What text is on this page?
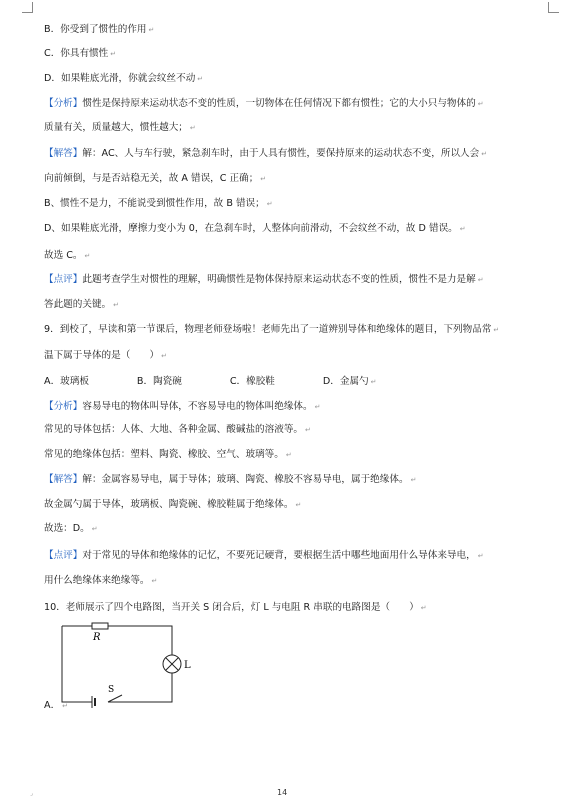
B．你受到了惯性的作用 ↵
C．你具有惯性 ↵
D．如果鞋底光滑，你就会纹丝不动 ↵
【分析】惯性是保持原来运动状态不变的性质，一切物体在任何情况下都有惯性；它的大小只与物体的 ↵
质量有关，质量越大，惯性越大； ↵
【解答】解：AC、人与车行驶，紧急刹车时，由于人具有惯性，要保持原来的运动状态不变，所以人会 ↵
向前倾倒，与是否站稳无关，故 A 错误，C 正确； ↵
B、惯性不是力，不能说受到惯性作用，故 B 错误； ↵
D、如果鞋底光滑，摩擦力变小为 0，在急刹车时，人整体向前滑动，不会纹丝不动，故 D 错误。 ↵
故选 C。 ↵
【点评】此题考查学生对惯性的理解，明确惯性是物体保持原来运动状态不变的性质，惯性不是力是解 ↵
答此题的关键。 ↵
9．到校了，早读和第一节课后，物理老师登场啦！老师先出了一道辨别导体和绝缘体的题目，下列物品常 ↵
温下属于导体的是（　　） ↵
A．玻璃板　　　　　B．陶瓷碗　　　　　C．橡胶鞋　　　　　D．金属勺 ↵
【分析】容易导电的物体叫导体，不容易导电的物体叫绝缘体。 ↵
常见的导体包括：人体、大地、各种金属、酸碱盐的溶液等。 ↵
常见的绝缘体包括：塑料、陶瓷、橡胶、空气、玻璃等。 ↵
【解答】解：金属容易导电，属于导体；玻璃、陶瓷、橡胶不容易导电，属于绝缘体。 ↵
故金属勺属于导体，玻璃板、陶瓷碗、橡胶鞋属于绝缘体。 ↵
故选：D。 ↵
【点评】对于常见的导体和绝缘体的记忆，不要死记硬背，要根据生活中哪些地面用什么导体来导电， ↵
用什么绝缘体来绝缘等。 ↵
10．老师展示了四个电路图，当开关 S 闭合后，灯 L 与电阻 R 串联的电路图是（　　） ↵
A． ↵
R
L
S
⌟	14
